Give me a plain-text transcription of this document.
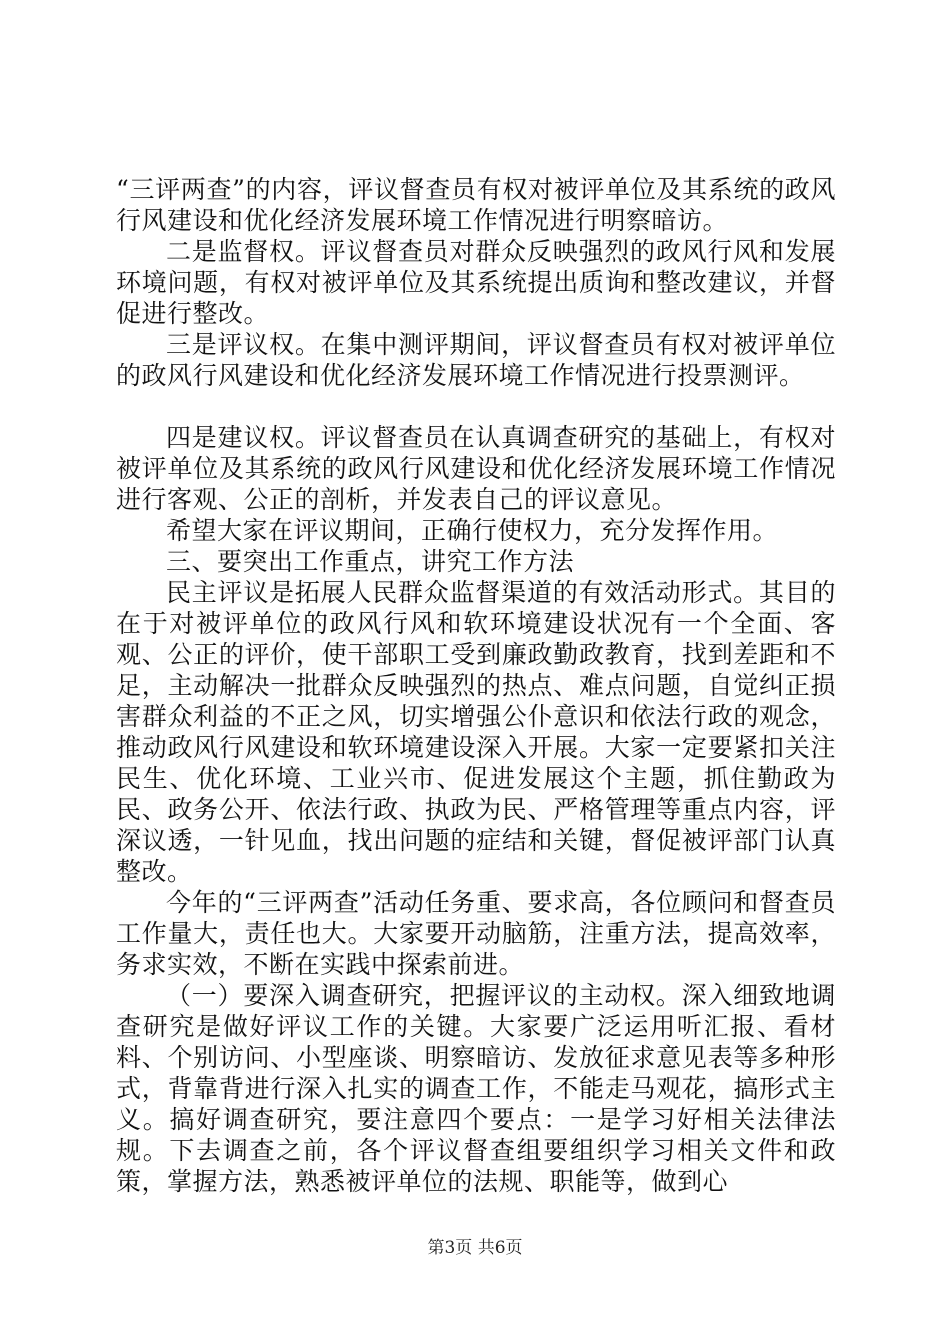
“三评两查”的内容，评议督查员有权对被评单位及其系统的政风行风建设和优化经济发展环境工作情况进行明察暗访。

二是监督权。评议督查员对群众反映强烈的政风行风和发展环境问题，有权对被评单位及其系统提出质询和整改建议，并督促进行整改。

三是评议权。在集中测评期间，评议督查员有权对被评单位的政风行风建设和优化经济发展环境工作情况进行投票测评。

四是建议权。评议督查员在认真调查研究的基础上，有权对被评单位及其系统的政风行风建设和优化经济发展环境工作情况进行客观、公正的剖析，并发表自己的评议意见。

希望大家在评议期间，正确行使权力，充分发挥作用。

三、要突出工作重点，讲究工作方法

民主评议是拓展人民群众监督渠道的有效活动形式。其目的在于对被评单位的政风行风和软环境建设状况有一个全面、客观、公正的评价，使干部职工受到廉政勤政教育，找到差距和不足，主动解决一批群众反映强烈的热点、难点问题，自觉纠正损害群众利益的不正之风，切实增强公仆意识和依法行政的观念，推动政风行风建设和软环境建设深入开展。大家一定要紧扣关注民生、优化环境、工业兴市、促进发展这个主题，抓住勤政为民、政务公开、依法行政、执政为民、严格管理等重点内容，评深议透，一针见血，找出问题的症结和关键，督促被评部门认真整改。

今年的“三评两查”活动任务重、要求高，各位顾问和督查员工作量大，责任也大。大家要开动脑筋，注重方法，提高效率，务求实效，不断在实践中探索前进。

（一）要深入调查研究，把握评议的主动权。深入细致地调查研究是做好评议工作的关键。大家要广泛运用听汇报、看材料、个别访问、小型座谈、明察暗访、发放征求意见表等多种形式，背靠背进行深入扎实的调查工作，不能走马观花，搞形式主义。搞好调查研究，要注意四个要点：一是学习好相关法律法规。下去调查之前，各个评议督查组要组织学习相关文件和政策，掌握方法，熟悉被评单位的法规、职能等，做到心

第3页 共6页
